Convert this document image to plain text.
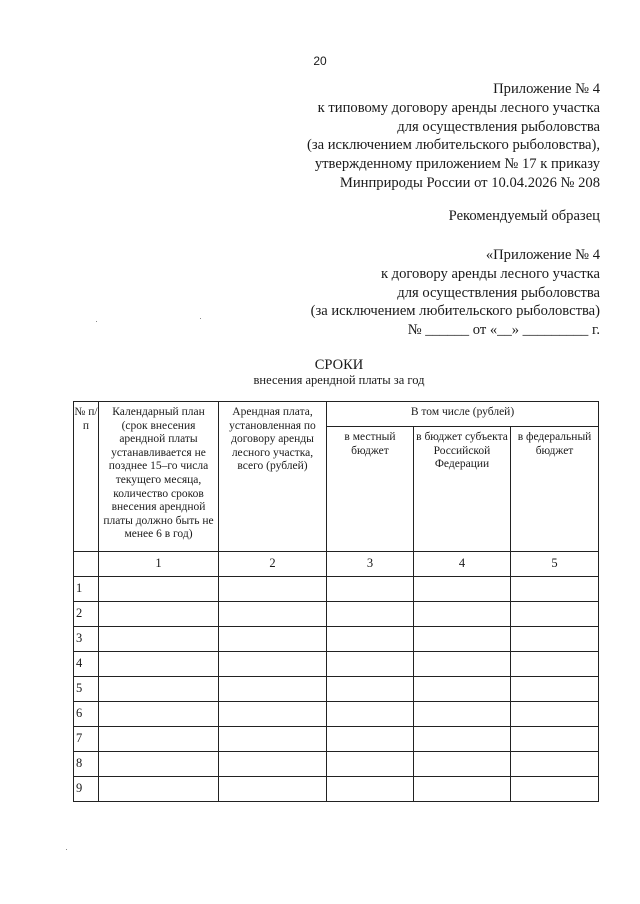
20
Приложение № 4
к типовому договору аренды лесного участка
для осуществления рыболовства
(за исключением любительского рыболовства),
утвержденному приложением № 17 к приказу
Минприроды России от 10.04.2026 № 208
Рекомендуемый образец
«Приложение № 4
к договору аренды лесного участка
для осуществления рыболовства
(за исключением любительского рыболовства)
№ ______ от «__» _________ г.
СРОКИ
внесения арендной платы за год
№ п/п	Календарный план (срок внесения арендной платы устанавливается не позднее 15–го числа текущего месяца, количество сроков внесения арендной платы должно быть не менее 6 в год)	Арендная плата, установленная по договору аренды лесного участка, всего (рублей)	В том числе (рублей)		
			в местный бюджет	в бюджет субъекта Российской Федерации	в федеральный бюджет
	1	2	3	4	5
1					
2					
3					
4					
5					
6					
7					
8					
9					
